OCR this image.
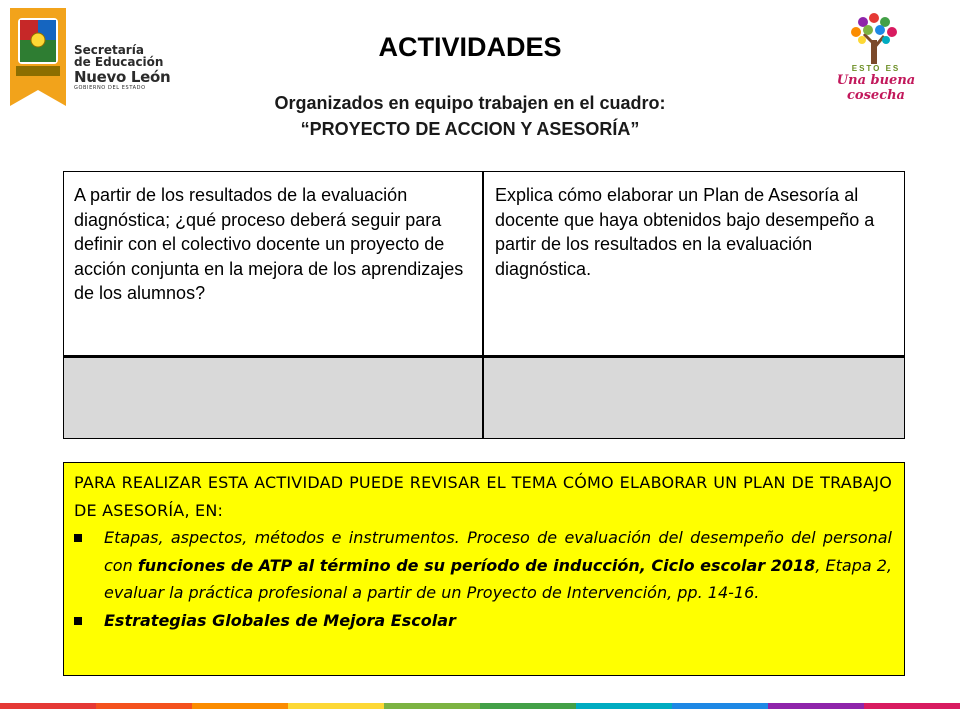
Secretaría
de Educación
Nuevo León
GOBIERNO DEL ESTADO
ESTO ES
Una buena cosecha
ACTIVIDADES
Organizados en equipo trabajen en el cuadro:
“PROYECTO DE ACCION Y ASESORÍA”
A partir de los resultados de la evaluación diagnóstica; ¿qué proceso deberá seguir para definir con el colectivo docente un proyecto de acción conjunta en la mejora de los aprendizajes de los alumnos?
Explica cómo elaborar un Plan de Asesoría al docente que haya obtenidos bajo desempeño a partir de los resultados en la evaluación diagnóstica.
PARA REALIZAR ESTA ACTIVIDAD PUEDE REVISAR EL TEMA CÓMO ELABORAR UN PLAN DE TRABAJO DE ASESORÍA, EN:
Etapas, aspectos, métodos e instrumentos. Proceso de evaluación del desempeño del personal con funciones de ATP al término de su período de inducción, Ciclo escolar 2018, Etapa 2, evaluar la práctica profesional a partir de un Proyecto de Intervención, pp. 14-16.
Estrategias Globales de Mejora Escolar
